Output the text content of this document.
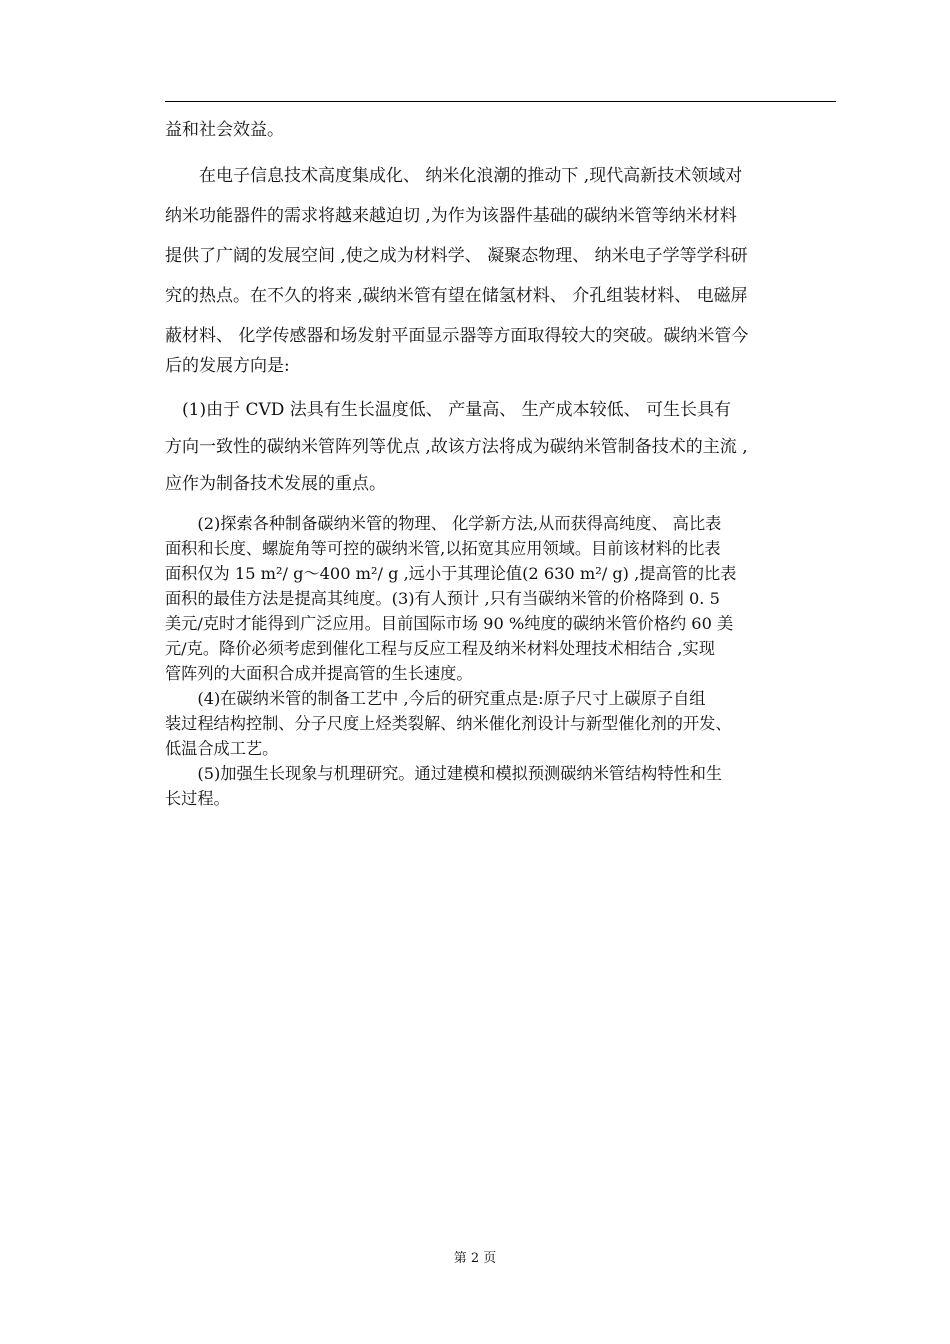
益和社会效益。

　　在电子信息技术高度集成化、 纳米化浪潮的推动下 ,现代高新技术领域对

纳米功能器件的需求将越来越迫切 ,为作为该器件基础的碳纳米管等纳米材料

提供了广阔的发展空间 ,使之成为材料学、 凝聚态物理、 纳米电子学等学科研

究的热点。在不久的将来 ,碳纳米管有望在储氢材料、 介孔组装材料、 电磁屏

蔽材料、 化学传感器和场发射平面显示器等方面取得较大的突破。碳纳米管今

后的发展方向是:

　(1)由于 CVD 法具有生长温度低、 产量高、 生产成本较低、 可生长具有

方向一致性的碳纳米管阵列等优点 ,故该方法将成为碳纳米管制备技术的主流 ,

应作为制备技术发展的重点。

　　(2)探索各种制备碳纳米管的物理、 化学新方法,从而获得高纯度、 高比表

面积和长度、螺旋角等可控的碳纳米管,以拓宽其应用领域。目前该材料的比表

面积仅为 15 m²/ g～400 m²/ g ,远小于其理论值(2 630 m²/ g) ,提高管的比表

面积的最佳方法是提高其纯度。(3)有人预计 ,只有当碳纳米管的价格降到 0. 5

美元/克时才能得到广泛应用。目前国际市场 90 %纯度的碳纳米管价格约 60 美

元/克。降价必须考虑到催化工程与反应工程及纳米材料处理技术相结合 ,实现

管阵列的大面积合成并提高管的生长速度。

　　(4)在碳纳米管的制备工艺中 ,今后的研究重点是:原子尺寸上碳原子自组

装过程结构控制、分子尺度上烃类裂解、纳米催化剂设计与新型催化剂的开发、

低温合成工艺。

　　(5)加强生长现象与机理研究。通过建模和模拟预测碳纳米管结构特性和生

长过程。

第 2 页
